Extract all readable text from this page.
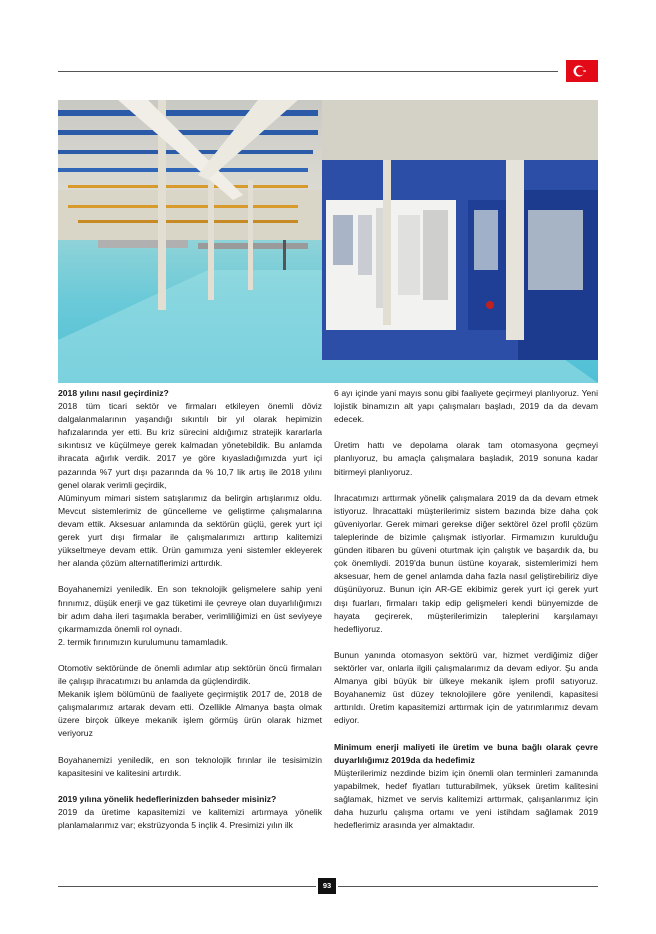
2018 yılını nasıl geçirdiniz?

2018 tüm ticari sektör ve firmaları etkileyen önemli döviz dalgalanmalarının yaşandığı sıkıntılı bir yıl olarak hepimizin hafızalarında yer etti. Bu kriz sürecini aldığımız stratejik kararlarla sıkıntısız ve küçülmeye gerek kalmadan yönetebildik. Bu anlamda ihracata ağırlık verdik. 2017 ye göre kıyasladığımızda yurt içi pazarında %7 yurt dışı pazarında da % 10,7 lik artış ile 2018 yılını genel olarak verimli geçirdik,

Alüminyum mimari sistem satışlarımız da belirgin artışlarımız oldu. Mevcut sistemlerimiz de güncelleme ve geliştirme çalışmalarına devam ettik. Aksesuar anlamında da sektörün güçlü, gerek yurt içi gerek yurt dışı firmalar ile çalışmalarımızı arttırıp kalitemizi yükseltmeye devam ettik. Ürün gamımıza yeni sistemler ekleyerek her alanda çözüm alternatiflerimizi arttırdık.

Boyahanemizi yeniledik. En son teknolojik gelişmelere sahip yeni fırınımız, düşük enerji ve gaz tüketimi ile çevreye olan duyarlılığımızı bir adım daha ileri taşımakla beraber, verimliliğimizi en üst seviyeye çıkarmamızda önemli rol oynadı.

2. termik fırınımızın kurulumunu tamamladık.

Otomotiv sektöründe de önemli adımlar atıp sektörün öncü firmaları ile çalışıp ihracatımızı bu anlamda da güçlendirdik.

Mekanik işlem bölümünü de faaliyete geçirmiştik 2017 de, 2018 de çalışmalarımız artarak devam etti. Özellikle Almanya başta olmak üzere birçok ülkeye mekanik işlem görmüş ürün olarak hizmet veriyoruz

Boyahanemizi yeniledik, en son teknolojik fırınlar ile tesisimizin kapasitesini ve kalitesini artırdık.

2019 yılına yönelik hedeflerinizden bahseder misiniz?

2019 da üretime kapasitemizi ve kalitemizi artırmaya yönelik planlamalarımız var; ekstrüzyonda 5 inçlik 4. Presimizi yılın ilk

6 ayı içinde yani mayıs sonu gibi faaliyete geçirmeyi planlıyoruz. Yeni lojistik binamızın alt yapı çalışmaları başladı, 2019 da da devam edecek.

Üretim hattı ve depolama olarak tam otomasyona geçmeyi planlıyoruz, bu amaçla çalışmalara başladık, 2019 sonuna kadar bitirmeyi planlıyoruz.

İhracatımızı arttırmak yönelik çalışmalara 2019 da da devam etmek istiyoruz. İhracattaki müşterilerimiz sistem bazında bize daha çok güveniyorlar. Gerek mimari gerekse diğer sektörel özel profil çözüm taleplerinde de bizimle çalışmak istiyorlar. Firmamızın kurulduğu günden itibaren bu güveni oturtmak için çalıştık ve başardık da, bu çok önemliydi. 2019'da bunun üstüne koyarak, sistemlerimizi hem aksesuar, hem de genel anlamda daha fazla nasıl geliştirebiliriz diye düşünüyoruz. Bunun için AR-GE ekibimiz gerek yurt içi gerek yurt dışı fuarları, firmaları takip edip gelişmeleri kendi bünyemizde de hayata geçirerek, müşterilerimizin taleplerini karşılamayı hedefliyoruz.

Bunun yanında otomasyon sektörü var, hizmet verdiğimiz diğer sektörler var, onlarla ilgili çalışmalarımız da devam ediyor. Şu anda Almanya gibi büyük bir ülkeye mekanik işlem profil satıyoruz. Boyahanemiz üst düzey teknolojilere göre yenilendi, kapasitesi arttırıldı. Üretim kapasitemizi arttırmak için de yatırımlarımız devam ediyor.

Minimum enerji maliyeti ile üretim ve buna bağlı olarak çevre duyarlılığımız 2019da da hedefimiz

Müşterilerimiz nezdinde bizim için önemli olan terminleri zamanında yapabilmek, hedef fiyatları tutturabilmek, yüksek üretim kalitesini sağlamak, hizmet ve servis kalitemizi arttırmak, çalışanlarımız için daha huzurlu çalışma ortamı ve yeni istihdam sağlamak 2019 hedeflerimiz arasında yer almaktadır.

93
